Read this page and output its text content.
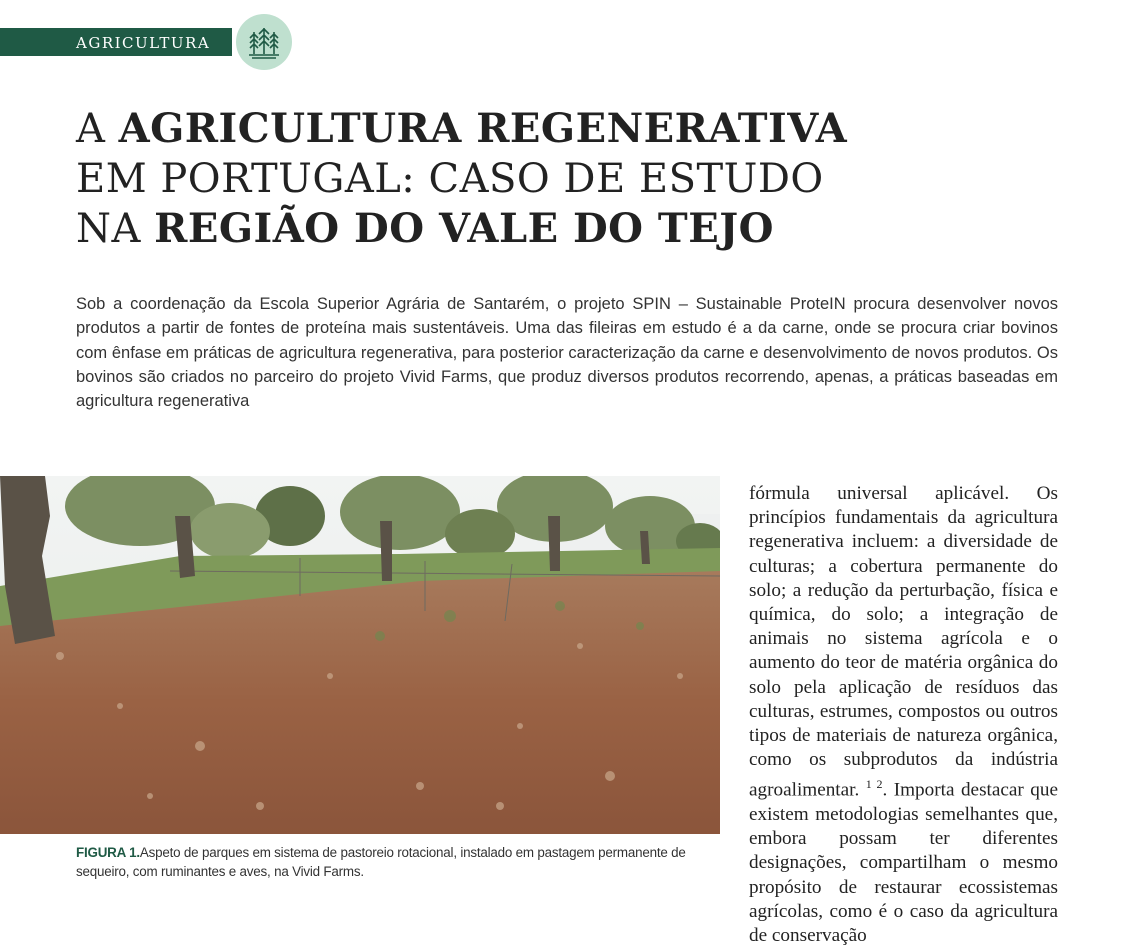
AGRICULTURA
A AGRICULTURA REGENERATIVA
EM PORTUGAL: CASO DE ESTUDO
NA REGIÃO DO VALE DO TEJO

Sob a coordenação da Escola Superior Agrária de Santarém, o projeto SPIN – Sustainable ProteIN procura desenvolver novos produtos a partir de fontes de proteína mais sustentáveis. Uma das fileiras em estudo é a da carne, onde se procura criar bovinos com ênfase em práticas de agricultura regenerativa, para posterior caracterização da carne e desenvolvimento de novos produtos. Os bovinos são criados no parceiro do projeto Vivid Farms, que produz diversos produtos recorrendo, apenas, a práticas baseadas em agricultura regenerativa

FIGURA 1.Aspeto de parques em sistema de pastoreio rotacional, instalado em pastagem permanente de sequeiro, com ruminantes e aves, na Vivid Farms.

fórmula universal aplicável. Os princípios fundamentais da agricultura regenerativa incluem: a diversidade de culturas; a cobertura permanente do solo; a redução da perturbação, física e química, do solo; a integração de animais no sistema agrícola e o aumento do teor de matéria orgânica do solo pela aplicação de resíduos das culturas, estrumes, compostos ou outros tipos de materiais de natureza orgânica, como os subprodutos da indústria agroalimentar. $^{1 2}$. Importa destacar que existem metodologias semelhantes que, embora possam ter diferentes designações, compartilham o mesmo propósito de restaurar ecossistemas agrícolas, como é o caso da agricultura de conservação
